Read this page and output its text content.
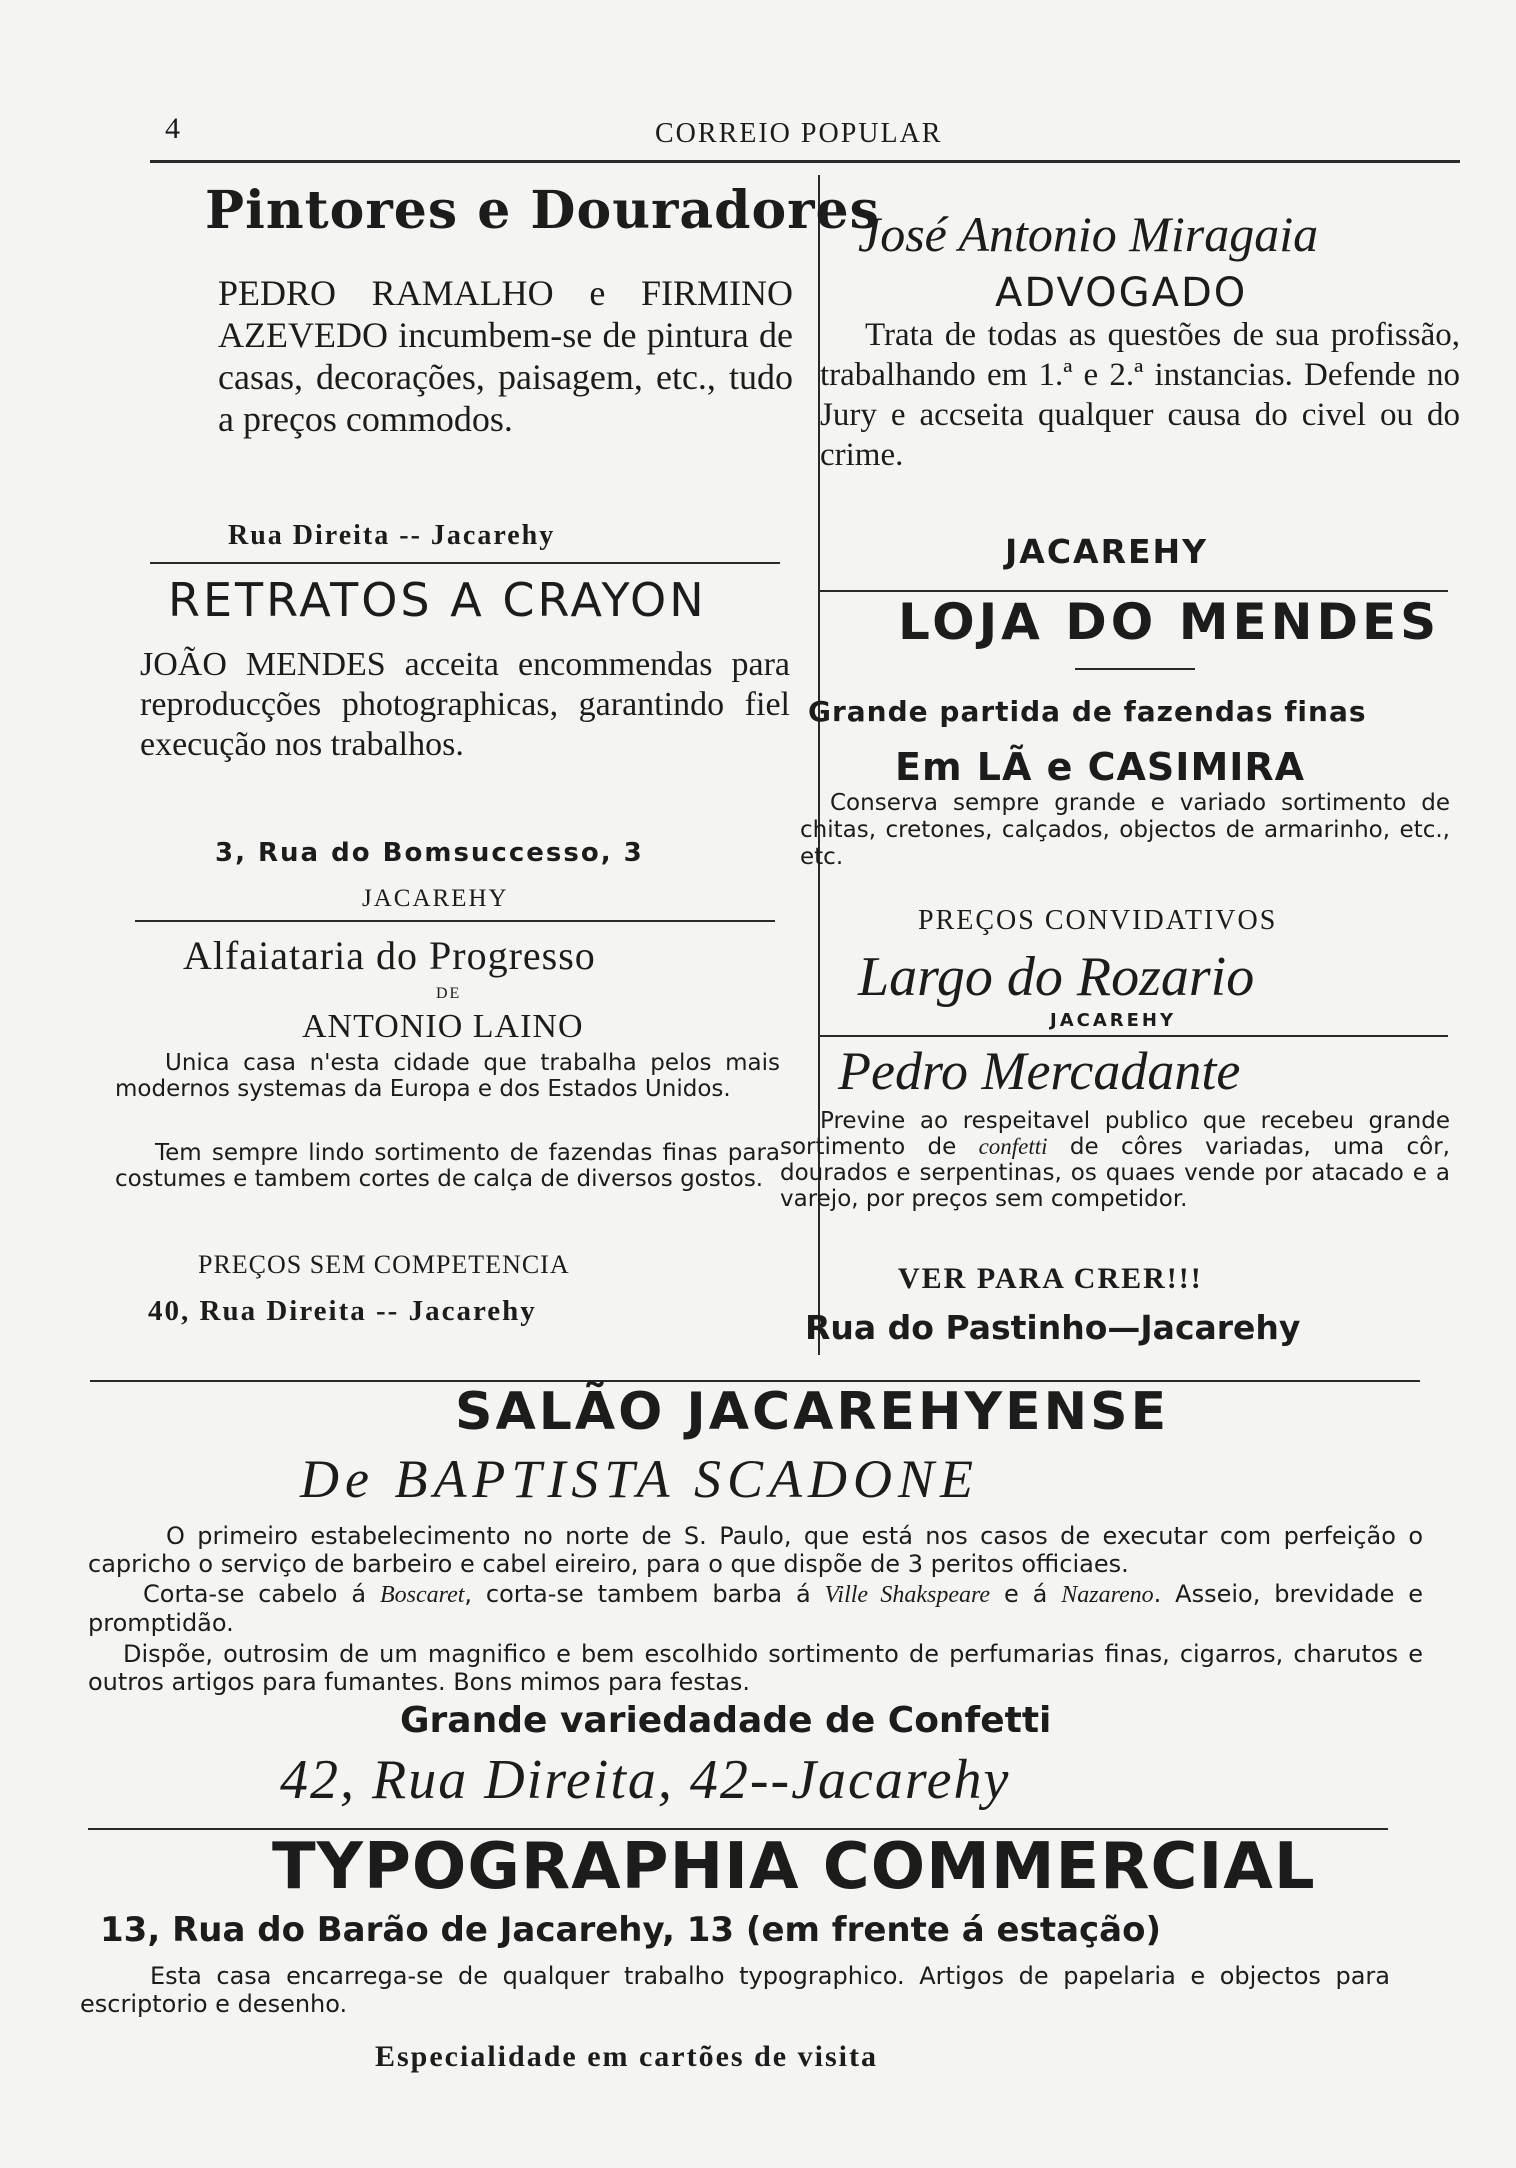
4	CORREIO POPULAR
Pintores e Douradores

PEDRO RAMALHO e FIRMINO AZEVEDO incumbem-se de pintura de casas, decorações, paisagem, etc., tudo a preços commodos.

Rua Direita -- Jacarehy
RETRATOS A CRAYON

JOÃO MENDES acceita encommendas para reproducções photographicas, garantindo fiel execução nos trabalhos.

3, Rua do Bomsuccesso, 3
JACAREHY
Alfaiataria do Progresso
DE
ANTONIO LAINO

Unica casa n'esta cidade que trabalha pelos mais modernos systemas da Europa e dos Estados Unidos.

Tem sempre lindo sortimento de fazendas finas para costumes e tambem cortes de calça de diversos gostos.

PREÇOS SEM COMPETENCIA
40, Rua Direita -- Jacarehy
José Antonio Miragaia
ADVOGADO

Trata de todas as questões de sua profissão, trabalhando em 1.ª e 2.ª instancias. Defende no Jury e accseita qualquer causa do civel ou do crime.

JACAREHY
LOJA DO MENDES
Grande partida de fazendas finas
Em LÃ e CASIMIRA

Conserva sempre grande e variado sortimento de chitas, cretones, calçados, objectos de armarinho, etc., etc.

PREÇOS CONVIDATIVOS
Largo do Rozario
JACAREHY
Pedro Mercadante

Previne ao respeitavel publico que recebeu grande sortimento de confetti de côres variadas, uma côr, dourados e serpentinas, os quaes vende por atacado e a varejo, por preços sem competidor.

VER PARA CRER!!!
Rua do Pastinho—Jacarehy
SALÃO JACAREHYENSE
De BAPTISTA SCADONE

O primeiro estabelecimento no norte de S. Paulo, que está nos casos de executar com perfeição o capricho o serviço de barbeiro e cabel eireiro, para o que dispõe de 3 peritos officiaes.

Corta-se cabelo á Boscaret, corta-se tambem barba á Ville Shakspeare e á Nazareno. Asseio, brevidade e promptidão.

Dispõe, outrosim de um magnifico e bem escolhido sortimento de perfumarias finas, cigarros, charutos e outros artigos para fumantes. Bons mimos para festas.

Grande variedadade de Confetti
42, Rua Direita, 42--Jacarehy
TYPOGRAPHIA COMMERCIAL
13, Rua do Barão de Jacarehy, 13 (em frente á estação)

Esta casa encarrega-se de qualquer trabalho typographico. Artigos de papelaria e objectos para escriptorio e desenho.

Especialidade em cartões de visita
